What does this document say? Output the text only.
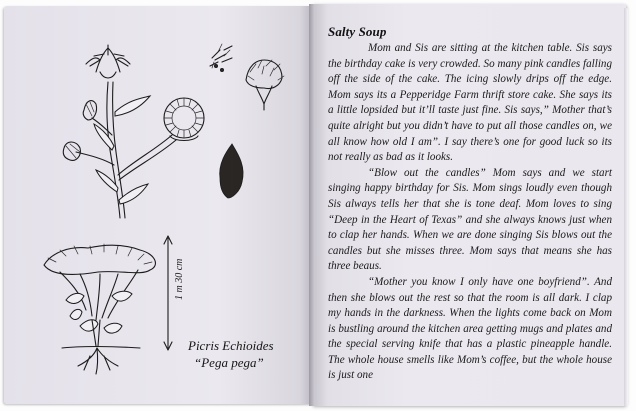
1 m 30 cm
Picris Echioides
“Pega pega”
Salty Soup
Mom and Sis are sitting at the kitchen table. Sis says the birthday cake is very crowded. So many pink candles falling off the side of the cake. The icing slowly drips off the edge. Mom says its a Pepperidge Farm thrift store cake. She says its a little lopsided but it’ll taste just fine. Sis says,” Mother that’s quite alright but you didn’t have to put all those candles on, we all know how old I am”. I say there’s one for good luck so its not really as bad as it looks.
“Blow out the candles” Mom says and we start singing happy birthday for Sis. Mom sings loudly even though Sis always tells her that she is tone deaf. Mom loves to sing “Deep in the Heart of Texas” and she always knows just when to clap her hands. When we are done singing Sis blows out the candles but she misses three. Mom says that means she has three beaus.
“Mother you know I only have one boyfriend”. And then she blows out the rest so that the room is all dark. I clap my hands in the darkness. When the lights come back on Mom is bustling around the kitchen area getting mugs and plates and the special serving knife that has a plastic pineapple handle. The whole house smells like Mom’s coffee, but the whole house is just one
